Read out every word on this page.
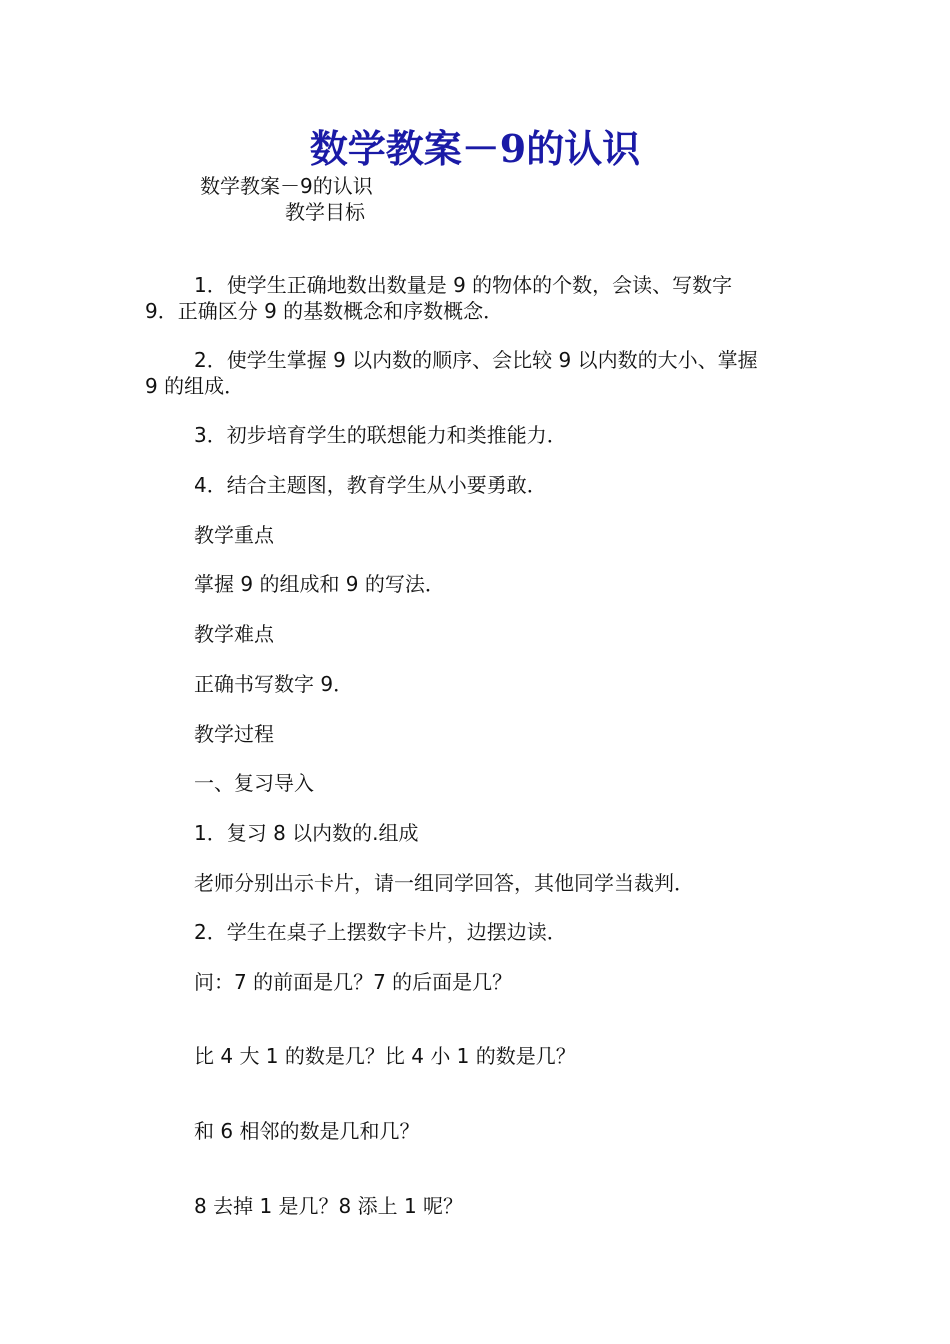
数学教案－9的认识

数学教案－9的认识

教学目标

1．使学生正确地数出数量是 9 的物体的个数，会读、写数字

9．正确区分 9 的基数概念和序数概念．

2．使学生掌握 9 以内数的顺序、会比较 9 以内数的大小、掌握

9 的组成．

3．初步培育学生的联想能力和类推能力．

4．结合主题图，教育学生从小要勇敢．

教学重点

掌握 9 的组成和 9 的写法．

教学难点

正确书写数字 9．

教学过程

一、复习导入

1．复习 8 以内数的.组成

老师分别出示卡片，请一组同学回答，其他同学当裁判．

2．学生在桌子上摆数字卡片，边摆边读．

问：7 的前面是几？7 的后面是几？

比 4 大 1 的数是几？比 4 小 1 的数是几？

和 6 相邻的数是几和几？

8 去掉 1 是几？8 添上 1 呢？
